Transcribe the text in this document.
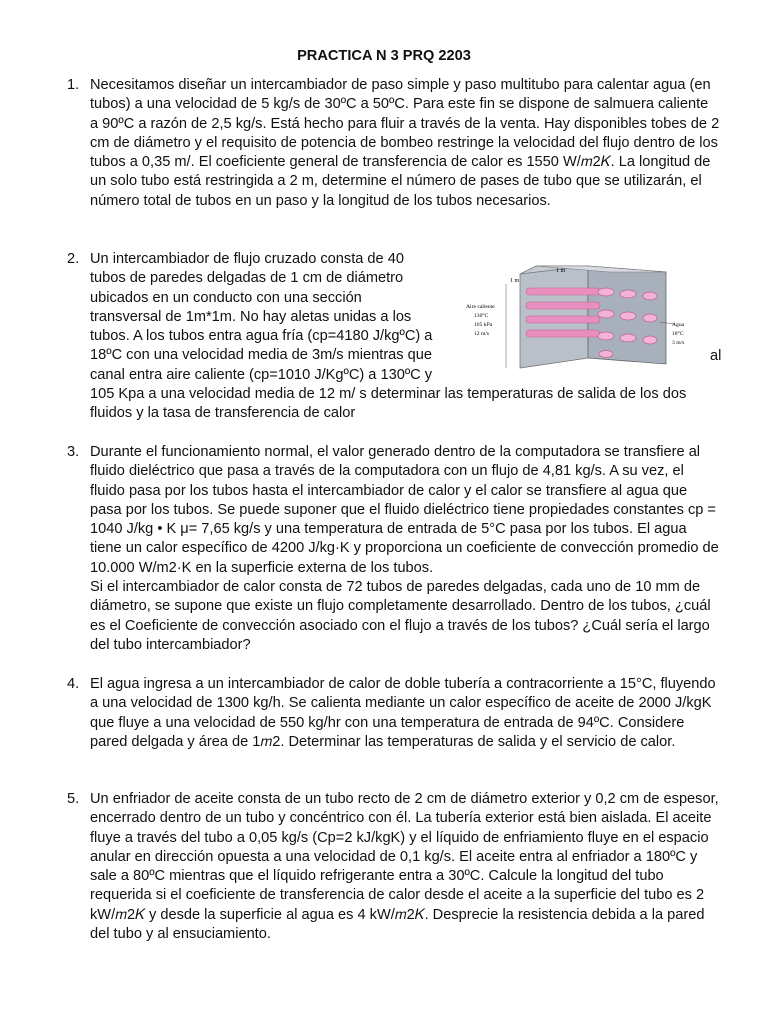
PRACTICA N 3 PRQ 2203
1. Necesitamos diseñar un intercambiador de paso simple y paso multitubo para calentar agua (en tubos) a una velocidad de 5 kg/s de 30ºC a 50ºC. Para este fin se dispone de salmuera caliente a 90ºC a razón de 2,5 kg/s. Está hecho para fluir a través de la venta. Hay disponibles tobes de 2 cm de diámetro y el requisito de potencia de bombeo restringe la velocidad del flujo dentro de los tubos a 0,35 m/. El coeficiente general de transferencia de calor es 1550 W/𝑚2𝐾. La longitud de un solo tubo está restringida a 2 m, determine el número de pases de tubo que se utilizarán, el número total de tubos en un paso y la longitud de los tubos necesarios.

2. Un intercambiador de flujo cruzado consta de 40
tubos de paredes delgadas de 1 cm de diámetro
ubicados en un conducto con una sección
transversal de 1m*1m. No hay aletas unidas a los
tubos. A los tubos entra agua fría (cp=4180 J/kgºC) a
18ºC con una velocidad media de 3m/s mientras que
canal entra aire caliente (cp=1010 J/KgºC) a 130ºC y
al

105 Kpa a una velocidad media de 12 m/ s determinar las temperaturas de salida de los dos fluidos y la tasa de transferencia de calor

1 m
1 m
Aire caliente
130°C
105 kPa
12 m/s
Agua
18°C
3 m/s
3. Durante el funcionamiento normal, el valor generado dentro de la computadora se transfiere al fluido dieléctrico que pasa a través de la computadora con un flujo de 4,81 kg/s. A su vez, el fluido pasa por los tubos hasta el intercambiador de calor y el calor se transfiere al agua que pasa por los tubos. Se puede suponer que el fluido dieléctrico tiene propiedades constantes cp = 1040 J/kg • K μ= 7,65 kg/s y una temperatura de entrada de 5°C pasa por los tubos. El agua tiene un calor específico de 4200 J/kg·K y proporciona un coeficiente de convección promedio de 10.000 W/m2·K en la superficie externa de los tubos.

Si el intercambiador de calor consta de 72 tubos de paredes delgadas, cada uno de 10 mm de diámetro, se supone que existe un flujo completamente desarrollado. Dentro de los tubos, ¿cuál es el Coeficiente de convección asociado con el flujo a través de los tubos? ¿Cuál sería el largo del tubo intercambiador?

4. El agua ingresa a un intercambiador de calor de doble tubería a contracorriente a 15°C, fluyendo a una velocidad de 1300 kg/h. Se calienta mediante un calor específico de aceite de 2000 J/kgK que fluye a una velocidad de 550 kg/hr con una temperatura de entrada de 94ºC. Considere pared delgada y área de 1𝑚2. Determinar las temperaturas de salida y el servicio de calor.

5. Un enfriador de aceite consta de un tubo recto de 2 cm de diámetro exterior y 0,2 cm de espesor, encerrado dentro de un tubo y concéntrico con él. La tubería exterior está bien aislada. El aceite fluye a través del tubo a 0,05 kg/s (Cp=2 kJ/kgK) y el líquido de enfriamiento fluye en el espacio anular en dirección opuesta a una velocidad de 0,1 kg/s. El aceite entra al enfriador a 180ºC y sale a 80ºC mientras que el líquido refrigerante entra a 30ºC. Calcule la longitud del tubo requerida si el coeficiente de transferencia de calor desde el aceite a la superficie del tubo es 2 kW/𝑚2𝐾 y desde la superficie al agua es 4 kW/𝑚2𝐾. Desprecie la resistencia debida a la pared del tubo y al ensuciamiento.
